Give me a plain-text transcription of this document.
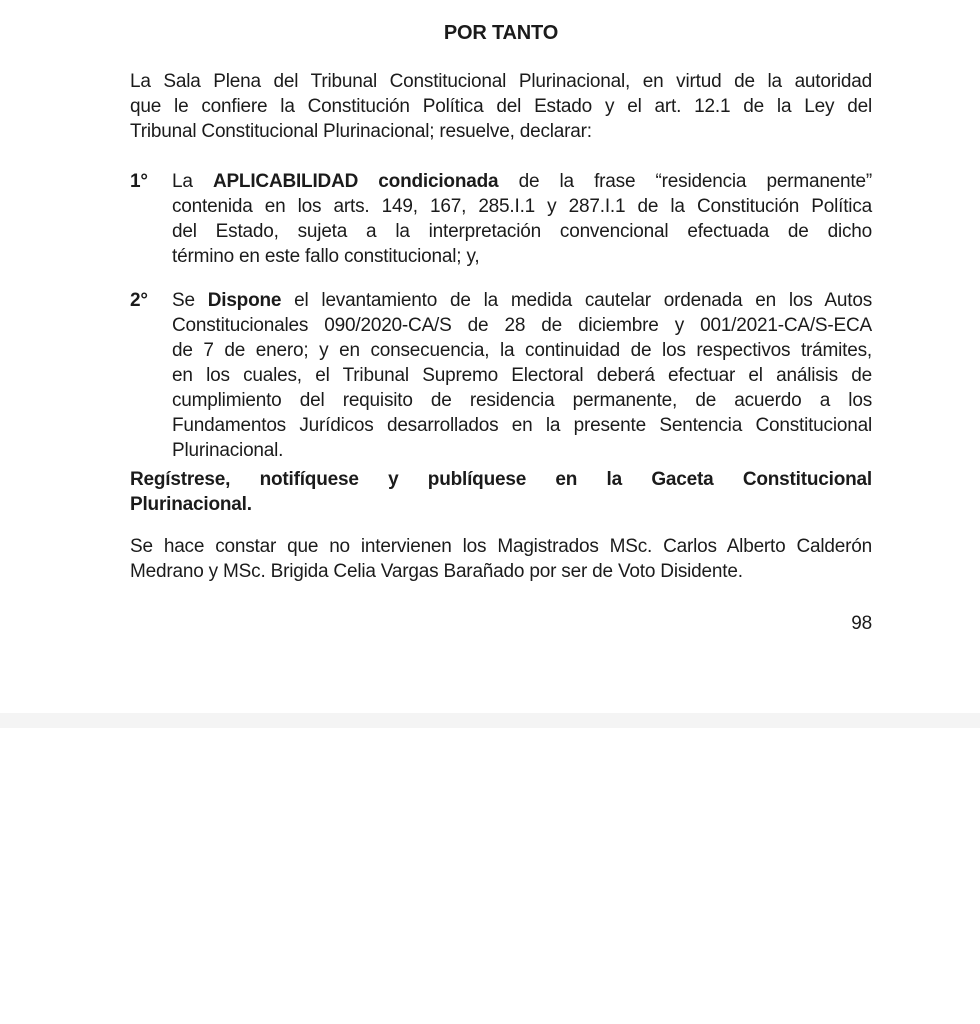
POR TANTO
La Sala Plena del Tribunal Constitucional Plurinacional, en virtud de la autoridad
que le confiere la Constitución Política del Estado y el art. 12.1 de la Ley del
Tribunal Constitucional Plurinacional; resuelve, declarar:
1° La APLICABILIDAD condicionada de la frase “residencia permanente”
contenida en los arts. 149, 167, 285.I.1 y 287.I.1 de la Constitución Política
del Estado, sujeta a la interpretación convencional efectuada de dicho
término en este fallo constitucional; y,
2° Se Dispone el levantamiento de la medida cautelar ordenada en los Autos
Constitucionales 090/2020-CA/S de 28 de diciembre y 001/2021-CA/S-ECA
de 7 de enero; y en consecuencia, la continuidad de los respectivos trámites,
en los cuales, el Tribunal Supremo Electoral deberá efectuar el análisis de
cumplimiento del requisito de residencia permanente, de acuerdo a los
Fundamentos Jurídicos desarrollados en la presente Sentencia Constitucional
Plurinacional.
Regístrese, notifíquese y publíquese en la Gaceta Constitucional
Plurinacional.
Se hace constar que no intervienen los Magistrados MSc. Carlos Alberto Calderón
Medrano y MSc. Brigida Celia Vargas Barañado por ser de Voto Disidente.
98
